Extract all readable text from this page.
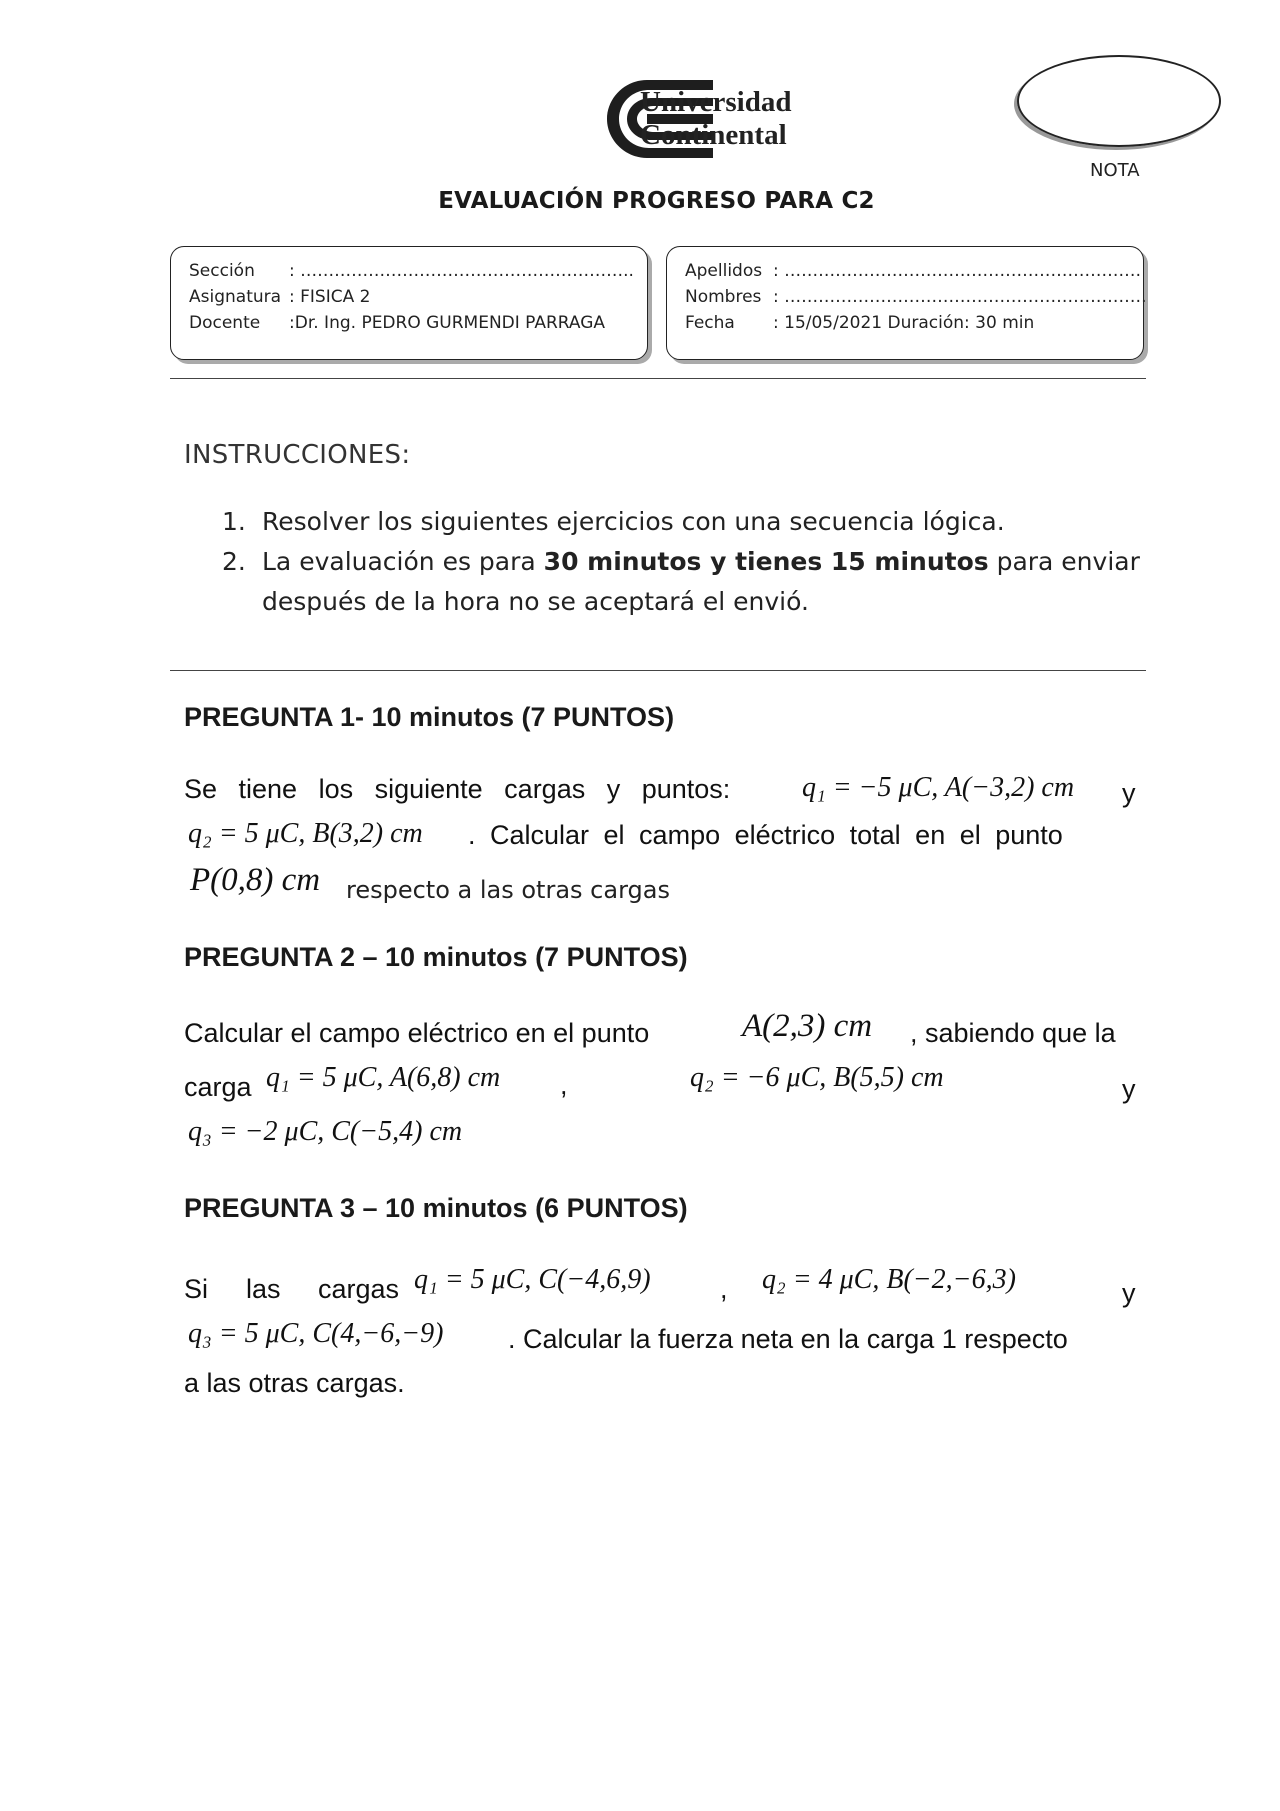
Universidad
Continental
NOTA
EVALUACIÓN PROGRESO PARA C2
Sección : …………………………………………………..
Asignatura : FISICA 2
Docente :Dr. Ing. PEDRO GURMENDI PARRAGA
Apellidos : ………………………………………………………
Nombres : ……………………………………………………….
Fecha : 15/05/2021 Duración: 30 min
INSTRUCCIONES:
1. Resolver los siguientes ejercicios con una secuencia lógica.
2. La evaluación es para 30 minutos y tienes 15 minutos para enviar
después de la hora no se aceptará el envió.
PREGUNTA 1- 10 minutos (7 PUNTOS)
Se tiene los siguiente cargas y puntos:	q₁ = −5 μC, A(−3,2) cm y
q₂ = 5 μC, B(3,2) cm . Calcular el campo eléctrico total en el punto
P(0,8) cm respecto a las otras cargas
PREGUNTA 2 – 10 minutos (7 PUNTOS)
Calcular el campo eléctrico en el punto	A(2,3) cm , sabiendo que la
carga q₁ = 5 μC, A(6,8) cm ,	q₂ = −6 μC, B(5,5) cm	y
q₃ = −2 μC, C(−5,4) cm
PREGUNTA 3 – 10 minutos (6 PUNTOS)
Si las cargas q₁ = 5 μC, C(−4,6,9)	, q₂ = 4 μC, B(−2,−6,3)	y
q₃ = 5 μC, C(4,−6,−9) . Calcular la fuerza neta en la carga 1 respecto
a las otras cargas.
